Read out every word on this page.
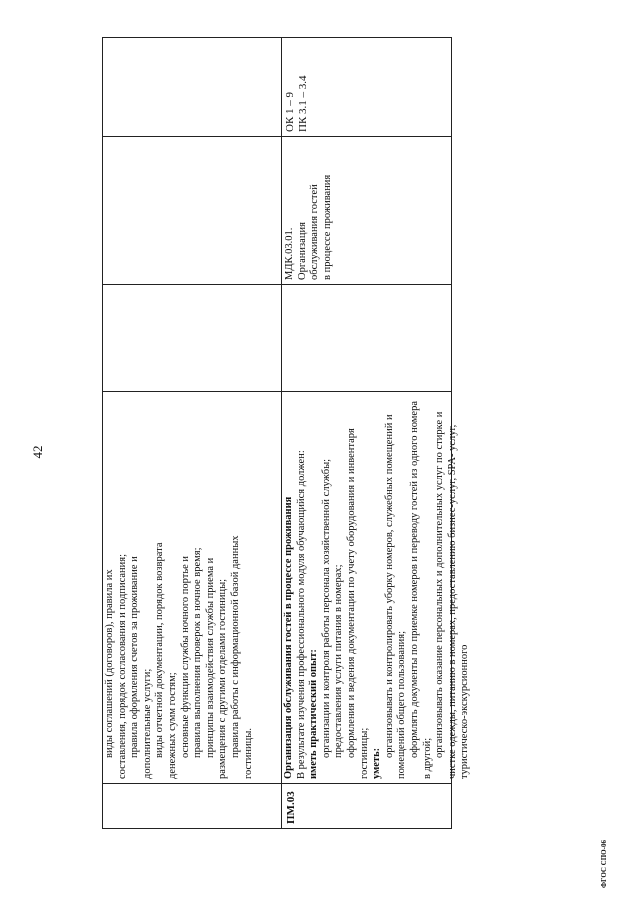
42
ФГОС СПО-06

виды соглашений (договоров), правила их составления, порядок согласования и подписания; правила оформления счетов за проживание и дополнительные услуги; виды отчетной документации, порядок возврата денежных сумм гостям; основные функции службы ночного портье и правила выполнения проверок в ночное время; принципы взаимодействия службы приема и размещения с другими отделами гостиницы; правила работы с информационной базой данных гостиницы.

ПМ.03

Организация обслуживания гостей в процессе проживания В результате изучения профессионального модуля обучающийся должен: иметь практический опыт: организации и контроля работы персонала хозяйственной службы; предоставления услуги питания в номерах; оформления и ведения документации по учету оборудования и инвентаря гостиницы; уметь:

организовывать и контролировать уборку номеров, служебных помещений и помещений общего пользования; оформлять документы по приемке номеров и переводу гостей из одного номера в другой;

организовывать оказание персональных и дополнительных услуг по стирке и чистке одежды, питанию в номерах, предоставлению бизнес-услуг, SPA- услуг, туристическо-экскурсионного

МДК.03.01. Организация обслуживания гостей в процессе проживания

ОК 1 – 9 ПК 3.1 – 3.4
